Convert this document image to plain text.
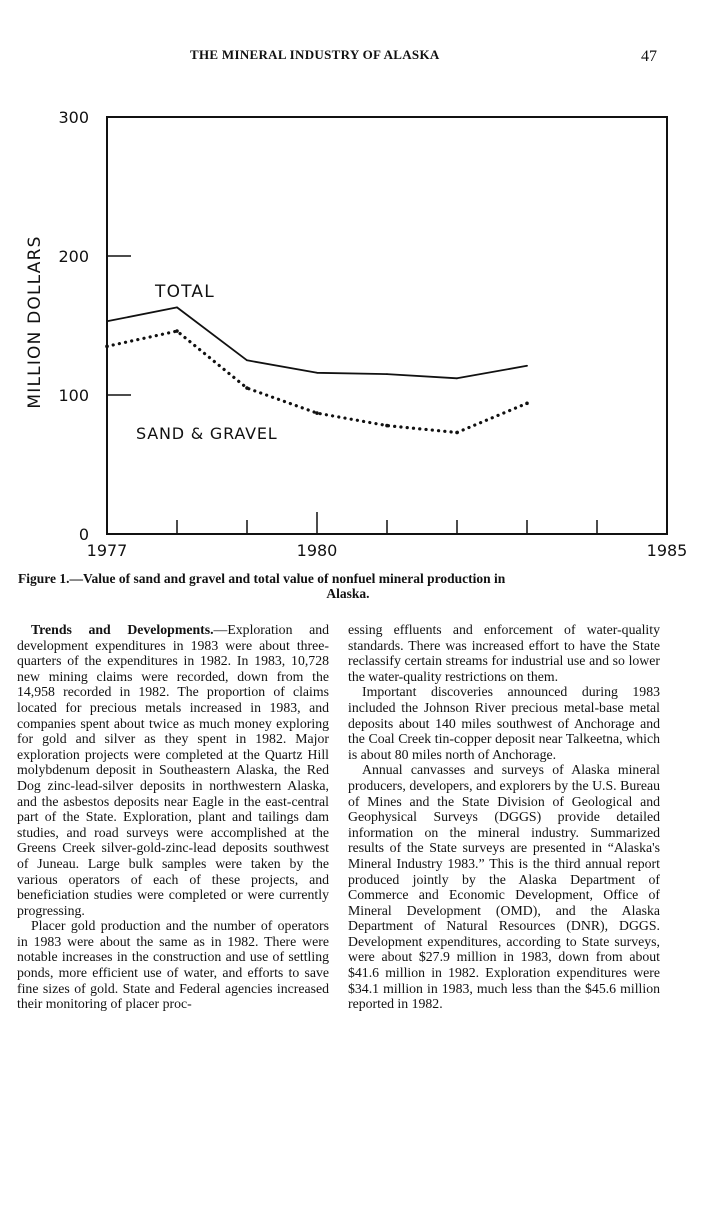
THE MINERAL INDUSTRY OF ALASKA	47
MILLION DOLLARS
0
100
200
300
1977	1980	1985
TOTAL
SAND & GRAVEL
Figure 1.—Value of sand and gravel and total value of nonfuel mineral production in
Alaska.

Trends and Developments.—Exploration and development expenditures in 1983 were about three-quarters of the expenditures in 1982. In 1983, 10,728 new mining claims were recorded, down from the 14,958 recorded in 1982. The proportion of claims located for precious metals increased in 1983, and companies spent about twice as much money exploring for gold and silver as they spent in 1982. Major exploration projects were completed at the Quartz Hill molybdenum deposit in Southeastern Alaska, the Red Dog zinc-lead-silver deposits in northwestern Alaska, and the asbestos deposits near Eagle in the east-central part of the State. Exploration, plant and tailings dam studies, and road surveys were accomplished at the Greens Creek silver-gold-zinc-lead deposits southwest of Juneau. Large bulk samples were taken by the various operators of each of these projects, and beneficiation studies were completed or were currently progressing.

Placer gold production and the number of operators in 1983 were about the same as in 1982. There were notable increases in the construction and use of settling ponds, more efficient use of water, and efforts to save fine sizes of gold. State and Federal agencies increased their monitoring of placer proc-

essing effluents and enforcement of water-quality standards. There was increased effort to have the State reclassify certain streams for industrial use and so lower the water-quality restrictions on them.

Important discoveries announced during 1983 included the Johnson River precious metal-base metal deposits about 140 miles southwest of Anchorage and the Coal Creek tin-copper deposit near Talkeetna, which is about 80 miles north of Anchorage.

Annual canvasses and surveys of Alaska mineral producers, developers, and explorers by the U.S. Bureau of Mines and the State Division of Geological and Geophysical Surveys (DGGS) provide detailed information on the mineral industry. Summarized results of the State surveys are presented in “Alaska's Mineral Industry 1983.” This is the third annual report produced jointly by the Alaska Department of Commerce and Economic Development, Office of Mineral Development (OMD), and the Alaska Department of Natural Resources (DNR), DGGS. Development expenditures, according to State surveys, were about $27.9 million in 1983, down from about $41.6 million in 1982. Exploration expenditures were $34.1 million in 1983, much less than the $45.6 million reported in 1982.
